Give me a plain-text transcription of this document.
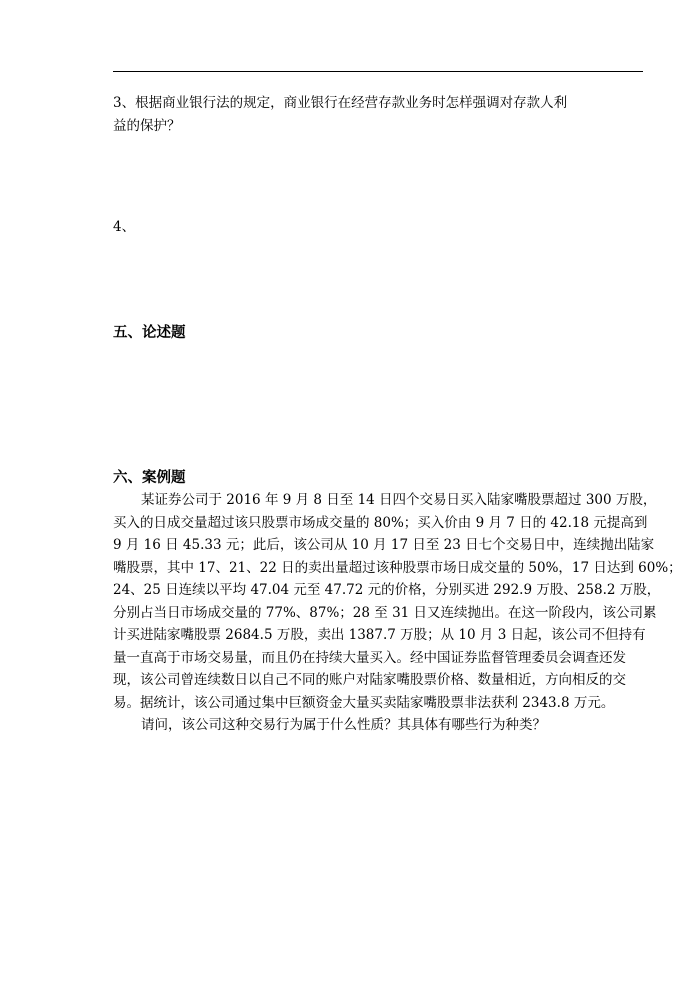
3、根据商业银行法的规定，商业银行在经营存款业务时怎样强调对存款人利
益的保护？
4、
五、论述题
六、案例题
某证券公司于 2016 年 9 月 8 日至 14 日四个交易日买入陆家嘴股票超过 300 万股，
买入的日成交量超过该只股票市场成交量的 80%；买入价由 9 月 7 日的 42.18 元提高到
9 月 16 日 45.33 元；此后，该公司从 10 月 17 日至 23 日七个交易日中，连续抛出陆家
嘴股票，其中 17、21、22 日的卖出量超过该种股票市场日成交量的 50%，17 日达到 60%；
24、25 日连续以平均 47.04 元至 47.72 元的价格，分别买进 292.9 万股、258.2 万股，
分别占当日市场成交量的 77%、87%；28 至 31 日又连续抛出。在这一阶段内，该公司累
计买进陆家嘴股票 2684.5 万股，卖出 1387.7 万股；从 10 月 3 日起，该公司不但持有
量一直高于市场交易量，而且仍在持续大量买入。经中国证券监督管理委员会调查还发
现，该公司曾连续数日以自己不同的账户对陆家嘴股票价格、数量相近，方向相反的交
易。据统计，该公司通过集中巨额资金大量买卖陆家嘴股票非法获利 2343.8 万元。
请问，该公司这种交易行为属于什么性质？其具体有哪些行为种类？
